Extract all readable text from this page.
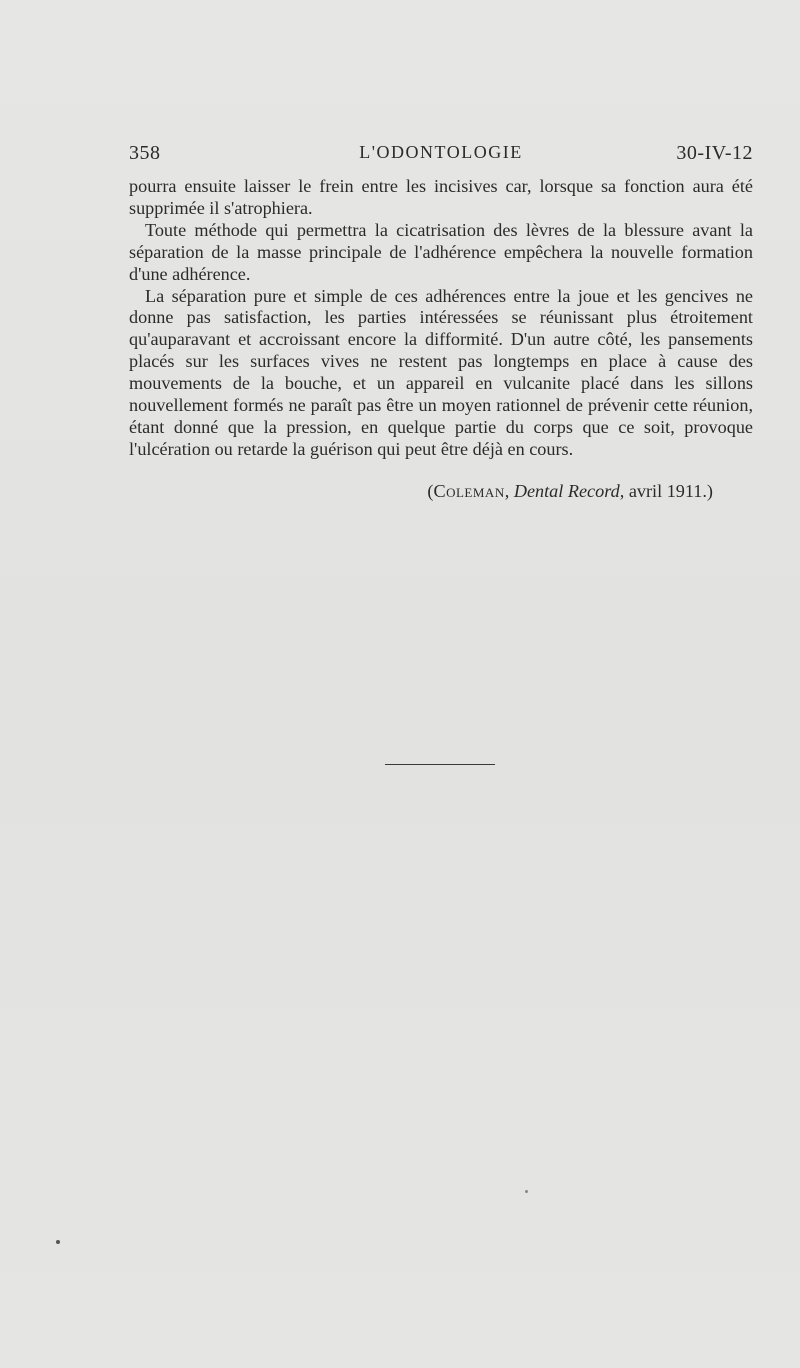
358	L'ODONTOLOGIE	30-IV-12

pourra ensuite laisser le frein entre les incisives car, lorsque sa fonction aura été supprimée il s'atrophiera.

Toute méthode qui permettra la cicatrisation des lèvres de la blessure avant la séparation de la masse principale de l'adhérence empêchera la nouvelle formation d'une adhérence.

La séparation pure et simple de ces adhérences entre la joue et les gencives ne donne pas satisfaction, les parties intéressées se réunissant plus étroitement qu'auparavant et accroissant encore la difformité. D'un autre côté, les pansements placés sur les surfaces vives ne restent pas longtemps en place à cause des mouvements de la bouche, et un appareil en vulcanite placé dans les sillons nouvellement formés ne paraît pas être un moyen rationnel de prévenir cette réunion, étant donné que la pression, en quelque partie du corps que ce soit, provoque l'ulcération ou retarde la guérison qui peut être déjà en cours.

(Coleman, Dental Record, avril 1911.)
